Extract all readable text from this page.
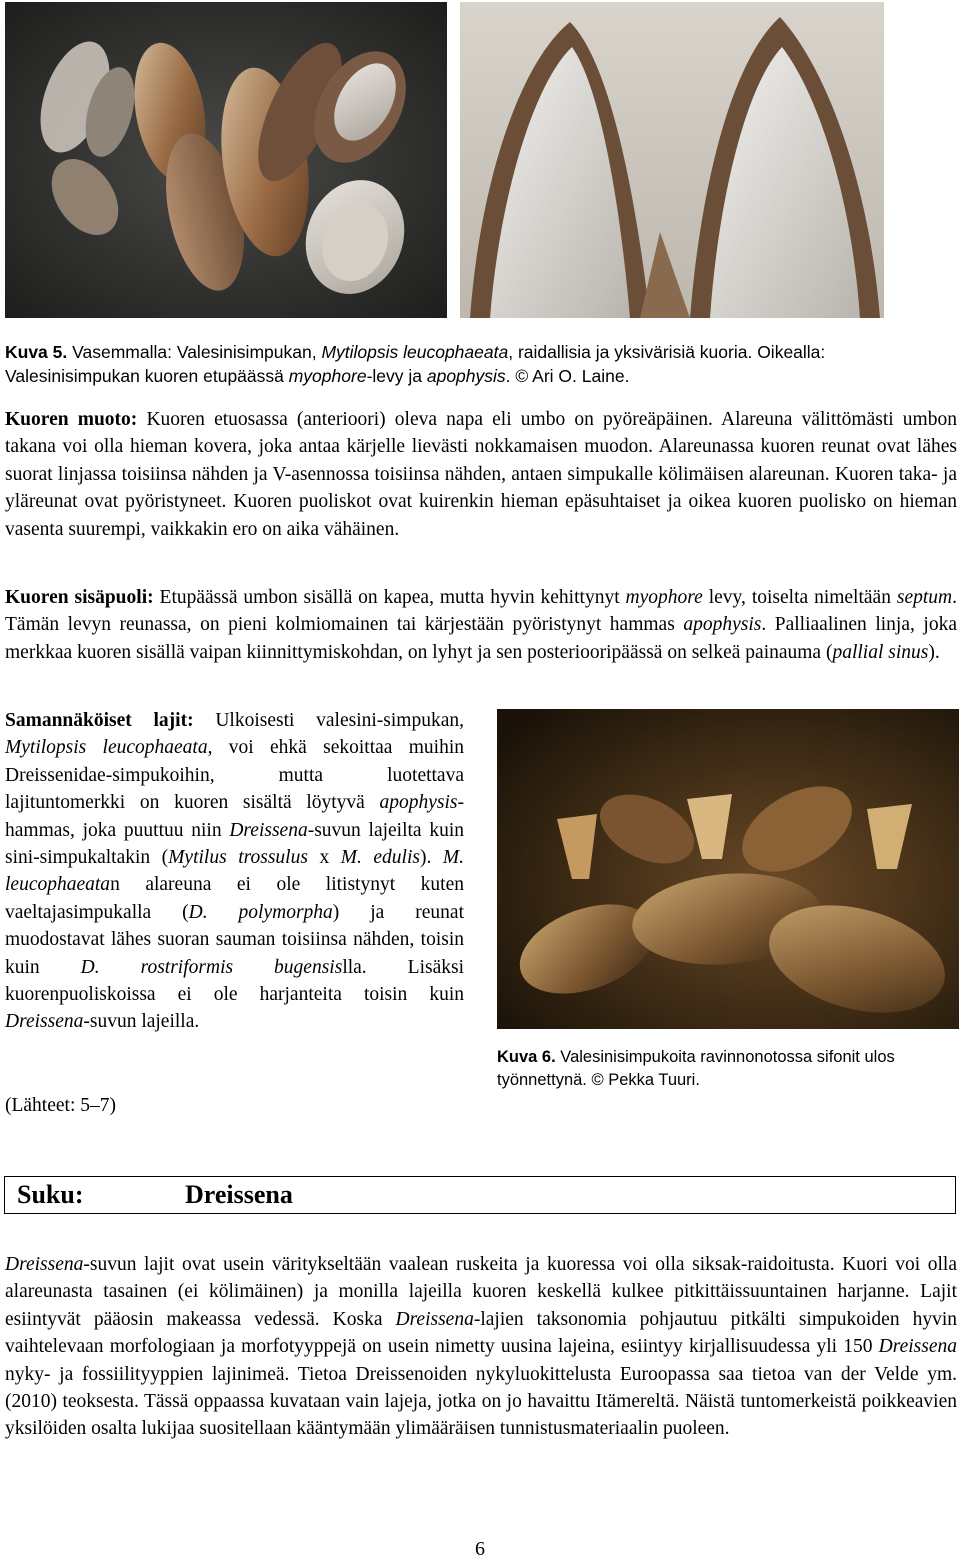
Kuva 5. Vasemmalla: Valesinisimpukan, Mytilopsis leucophaeata, raidallisia ja yksivärisiä kuoria. Oikealla: Valesinisimpukan kuoren etupäässä myophore-levy ja apophysis. © Ari O. Laine.
Kuoren muoto: Kuoren etuosassa (anterioori) oleva napa eli umbo on pyöreäpäinen. Alareuna välittömästi umbon takana voi olla hieman kovera, joka antaa kärjelle lievästi nokkamaisen muodon. Alareunassa kuoren reunat ovat lähes suorat linjassa toisiinsa nähden ja V-asennossa toisiinsa nähden, antaen simpukalle kölimäisen alareunan. Kuoren taka- ja yläreunat ovat pyöristyneet. Kuoren puoliskot ovat kuirenkin hieman epäsuhtaiset ja oikea kuoren puolisko on hieman vasenta suurempi, vaikkakin ero on aika vähäinen.
Kuoren sisäpuoli: Etupäässä umbon sisällä on kapea, mutta hyvin kehittynyt myophore levy, toiselta nimeltään septum. Tämän levyn reunassa, on pieni kolmiomainen tai kärjestään pyöristynyt hammas apophysis. Palliaalinen linja, joka merkkaa kuoren sisällä vaipan kiinnittymiskohdan, on lyhyt ja sen posteriooripäässä on selkeä painauma (pallial sinus).
Samannäköiset lajit: Ulkoisesti valesini-simpukan, Mytilopsis leucophaeata, voi ehkä sekoittaa muihin Dreissenidae-simpukoihin, mutta luotettava lajituntomerkki on kuoren sisältä löytyvä apophysis-hammas, joka puuttuu niin Dreissena-suvun lajeilta kuin sini-simpukaltakin (Mytilus trossulus x M. edulis). M. leucophaeatan alareuna ei ole litistynyt kuten vaeltajasimpukalla (D. polymorpha) ja reunat muodostavat lähes suoran sauman toisiinsa nähden, toisin kuin D. rostriformis bugensislla. Lisäksi kuorenpuoliskoissa ei ole harjanteita toisin kuin Dreissena-suvun lajeilla.
(Lähteet: 5–7)
Kuva 6. Valesinisimpukoita ravinnonotossa sifonit ulos työnnettynä. © Pekka Tuuri.
Suku:	Dreissena
Dreissena-suvun lajit ovat usein väritykseltään vaalean ruskeita ja kuoressa voi olla siksak-raidoitusta. Kuori voi olla alareunasta tasainen (ei kölimäinen) ja monilla lajeilla kuoren keskellä kulkee pitkittäissuuntainen harjanne. Lajit esiintyvät pääosin makeassa vedessä. Koska Dreissena-lajien taksonomia pohjautuu pitkälti simpukoiden hyvin vaihtelevaan morfologiaan ja morfotyyppejä on usein nimetty uusina lajeina, esiintyy kirjallisuudessa yli 150 Dreissena nyky- ja fossiilityyppien lajinimeä. Tietoa Dreissenoiden nykyluokittelusta Euroopassa saa tietoa van der Velde ym. (2010) teoksesta. Tässä oppaassa kuvataan vain lajeja, jotka on jo havaittu Itämereltä. Näistä tuntomerkeistä poikkeavien yksilöiden osalta lukijaa suositellaan kääntymään ylimääräisen tunnistusmateriaalin puoleen.
6
